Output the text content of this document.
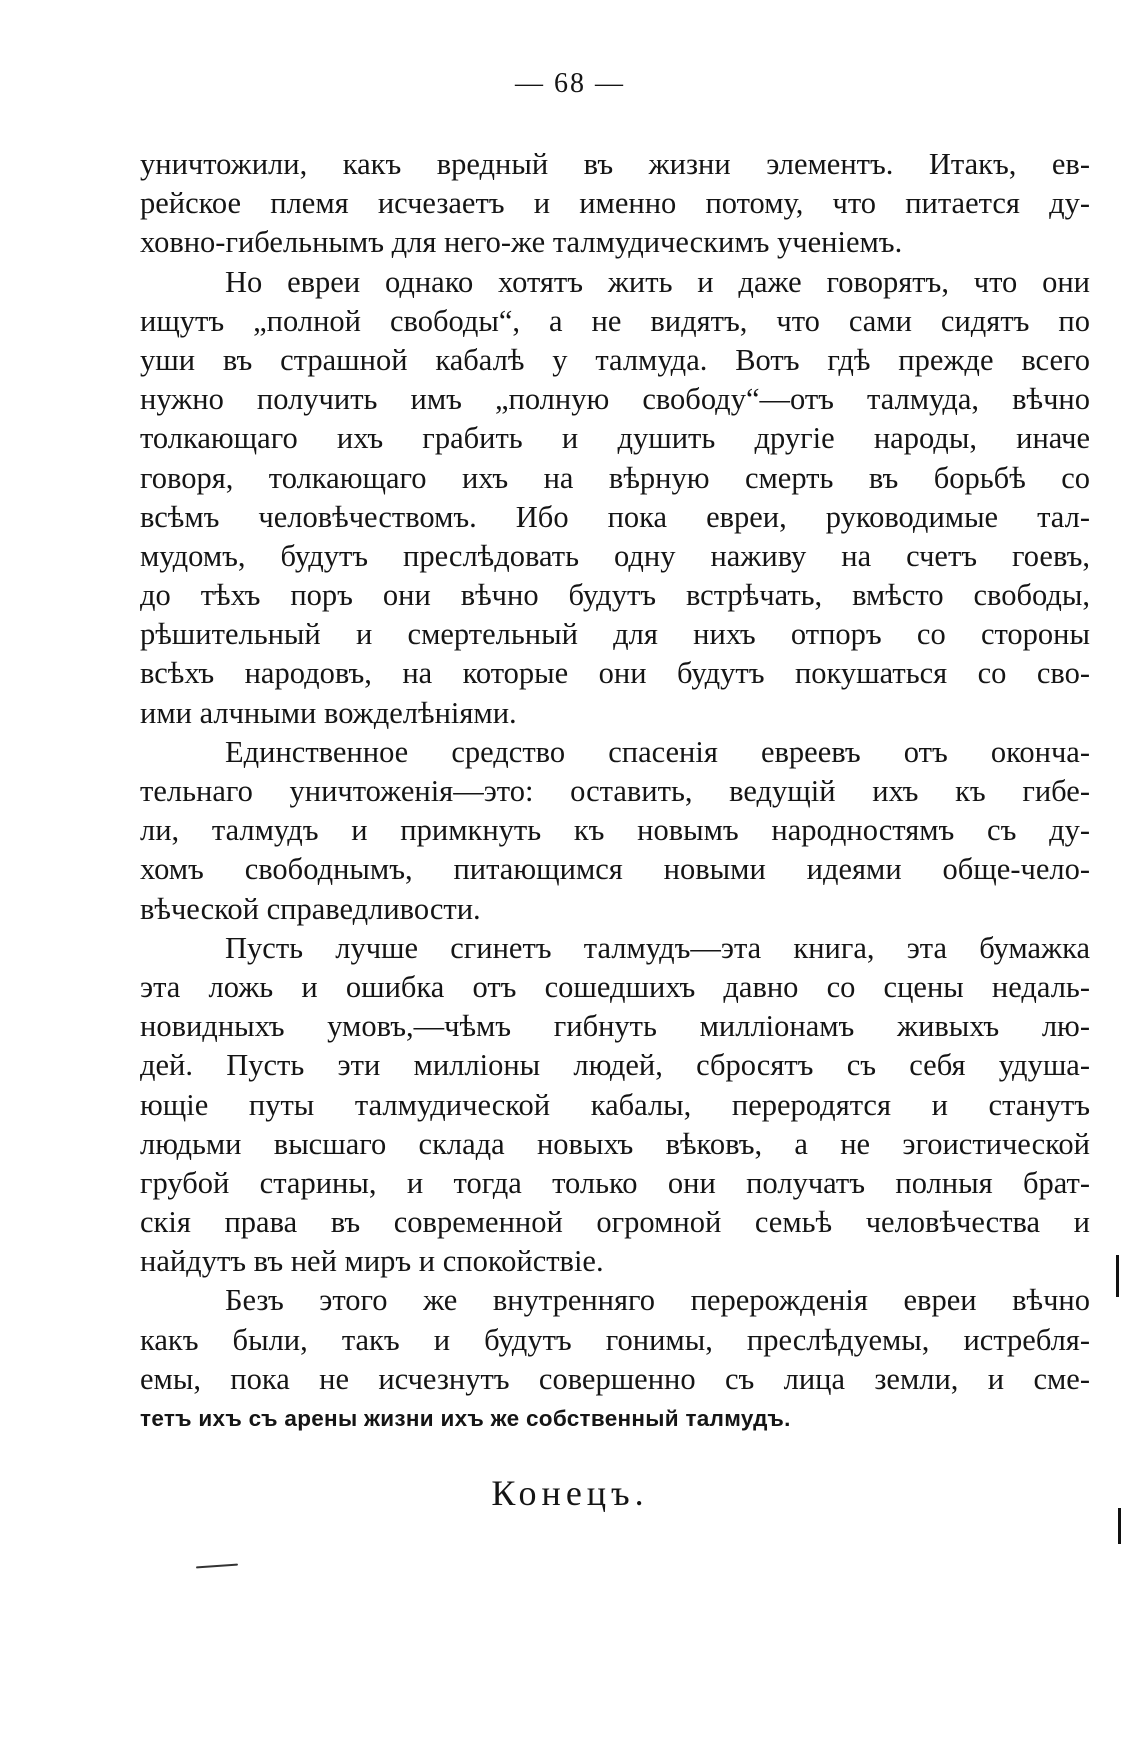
— 68 —
уничтожили, какъ вредный въ жизни элементъ. Итакъ, ев-
рейское племя исчезаетъ и именно потому, что питается ду-
ховно-гибельнымъ для него-же талмудическимъ ученіемъ.
Но евреи однако хотятъ жить и даже говорятъ, что они
ищутъ „полной свободы“, а не видятъ, что сами сидятъ по
уши въ страшной кабалѣ у талмуда. Вотъ гдѣ прежде всего
нужно получить имъ „полную свободу“—отъ талмуда, вѣчно
толкающаго ихъ грабить и душить другіе народы, иначе
говоря, толкающаго ихъ на вѣрную смерть въ борьбѣ со
всѣмъ человѣчествомъ. Ибо пока евреи, руководимые тал-
мудомъ, будутъ преслѣдовать одну наживу на счетъ гоевъ,
до тѣхъ поръ они вѣчно будутъ встрѣчать, вмѣсто свободы,
рѣшительный и смертельный для нихъ отпоръ со стороны
всѣхъ народовъ, на которые они будутъ покушаться со сво-
ими алчными вожделѣніями.
Единственное средство спасенія евреевъ отъ оконча-
тельнаго уничтоженія—это: оставить, ведущій ихъ къ гибе-
ли, талмудъ и примкнуть къ новымъ народностямъ съ ду-
хомъ свободнымъ, питающимся новыми идеями обще-чело-
вѣческой справедливости.
Пусть лучше сгинетъ талмудъ—эта книга, эта бумажка
эта ложь и ошибка отъ сошедшихъ давно со сцены недаль-
новидныхъ умовъ,—чѣмъ гибнуть милліонамъ живыхъ лю-
дей. Пусть эти милліоны людей, сбросятъ съ себя удуша-
ющіе путы талмудической кабалы, переродятся и станутъ
людьми высшаго склада новыхъ вѣковъ, а не эгоистической
грубой старины, и тогда только они получатъ полныя брат-
скія права въ современной огромной семьѣ человѣчества и
найдутъ въ ней миръ и спокойствіе.
Безъ этого же внутренняго перерожденія евреи вѣчно
какъ были, такъ и будутъ гонимы, преслѣдуемы, истребля-
емы, пока не исчезнутъ совершенно съ лица земли, и сме-
тетъ ихъ съ арены жизни ихъ же собственный талмудъ.
Конецъ.
